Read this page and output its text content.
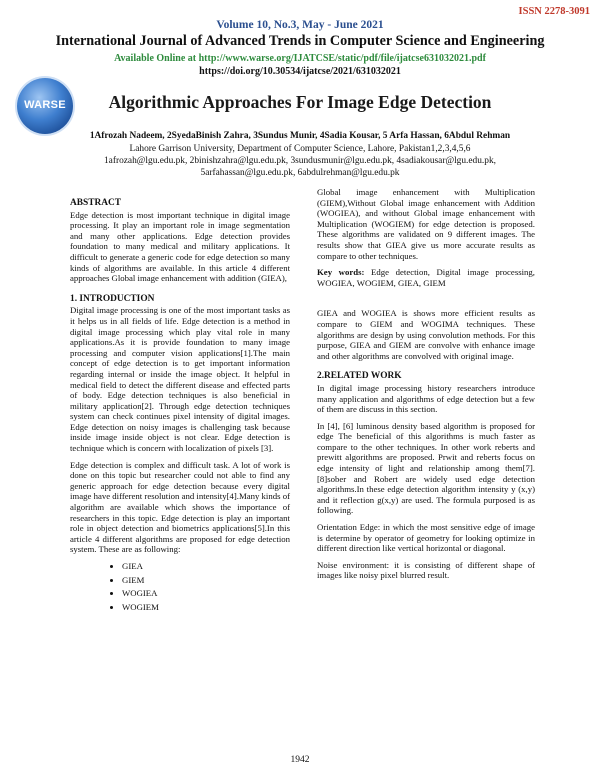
ISSN 2278-3091
Volume 10, No.3, May - June 2021
International Journal of Advanced Trends in Computer Science and Engineering
Available Online at http://www.warse.org/IJATCSE/static/pdf/file/ijatcse631032021.pdf
https://doi.org/10.30534/ijatcse/2021/631032021
WARSE	Algorithmic Approaches For Image Edge Detection
1Afrozah Nadeem, 2SyedaBinish Zahra, 3Sundus Munir, 4Sadia Kousar, 5 Arfa Hassan, 6Abdul Rehman
Lahore Garrison University, Department of Computer Science, Lahore, Pakistan1,2,3,4,5,6
1afrozah@lgu.edu.pk, 2binishzahra@lgu.edu.pk, 3sundusmunir@lgu.edu.pk, 4sadiakousar@lgu.edu.pk,
5arfahassan@lgu.edu.pk, 6abdulrehman@lgu.edu.pk
ABSTRACT

Edge detection is most important technique in digital image processing. It play an important role in image segmentation and many other applications. Edge detection provides foundation to many medical and military applications. It difficult to generate a generic code for edge detection so many kinds of algorithms are available. In this article 4 different approaches Global image enhancement with addition (GIEA),

1. INTRODUCTION

Digital image processing is one of the most important tasks as it helps us in all fields of life. Edge detection is a method in digital image processing which play vital role in many applications.As it is provide foundation to many image processing and computer vision applications[1].The main concept of edge detection is to get important information regarding internal or inside the image object. It helpful in medical field to detect the different disease and effected parts of body. Edge detection techniques is also beneficial in military application[2]. Through edge detection techniques system can check continues pixel intensity of digital images. Edge detection on noisy images is challenging task because inside image inside object is not clear. Edge detection is technique which is concern with localization of pixels [3].

Edge detection is complex and difficult task. A lot of work is done on this topic but researcher could not able to find any generic approach for edge detection because every digital image have different resolution and intensity[4].Many kinds of algorithm are available which shows the importance of researchers in this topic. Edge detection is play an important role in object detection and biometrics applications[5].In this article 4 different algorithms are proposed for edge detection system. These are as following:

• GIEA
• GIEM
• WOGIEA
• WOGIEM

Global image enhancement with Multiplication (GIEM),Without Global image enhancement with Addition (WOGIEA), and without Global image enhancement with Multiplication (WOGIEM) for edge detection is proposed. These algorithms are validated on 9 different images. The results show that GIEA give us more accurate results as compare to other techniques.

Key words: Edge detection, Digital image processing, WOGIEA, WOGIEM, GIEA, GIEM

GIEA and WOGIEA is shows more efficient results as compare to GIEM and WOGIMA techniques. These algorithms are design by using convolution methods. For this purpose, GIEA and GIEM are convolve with enhance image and other algorithms are convolved with original image.

2.RELATED WORK

In digital image processing history researchers introduce many application and algorithms of edge detection but a few of them are discuss in this section.

In [4], [6] luminous density based algorithm is proposed for edge The beneficial of this algorithms is much faster as compare to the other techniques. In other work reberts and prewitt algorithms are proposed. Prwit and reberts focus on edge intensity of light and relationship among them[7]. [8]sober and Robert are widely used edge detection algorithms.In these edge detection algorithm intensity y (x,y) and it reflection g(x,y) are used. The formula purposed is as following.

Orientation Edge: in which the most sensitive edge of image is determine by operator of geometry for looking optimize in different direction like vertical horizontal or diagonal.

Noise environment: it is consisting of different shape of images like noisy pixel blurred result.

1942
